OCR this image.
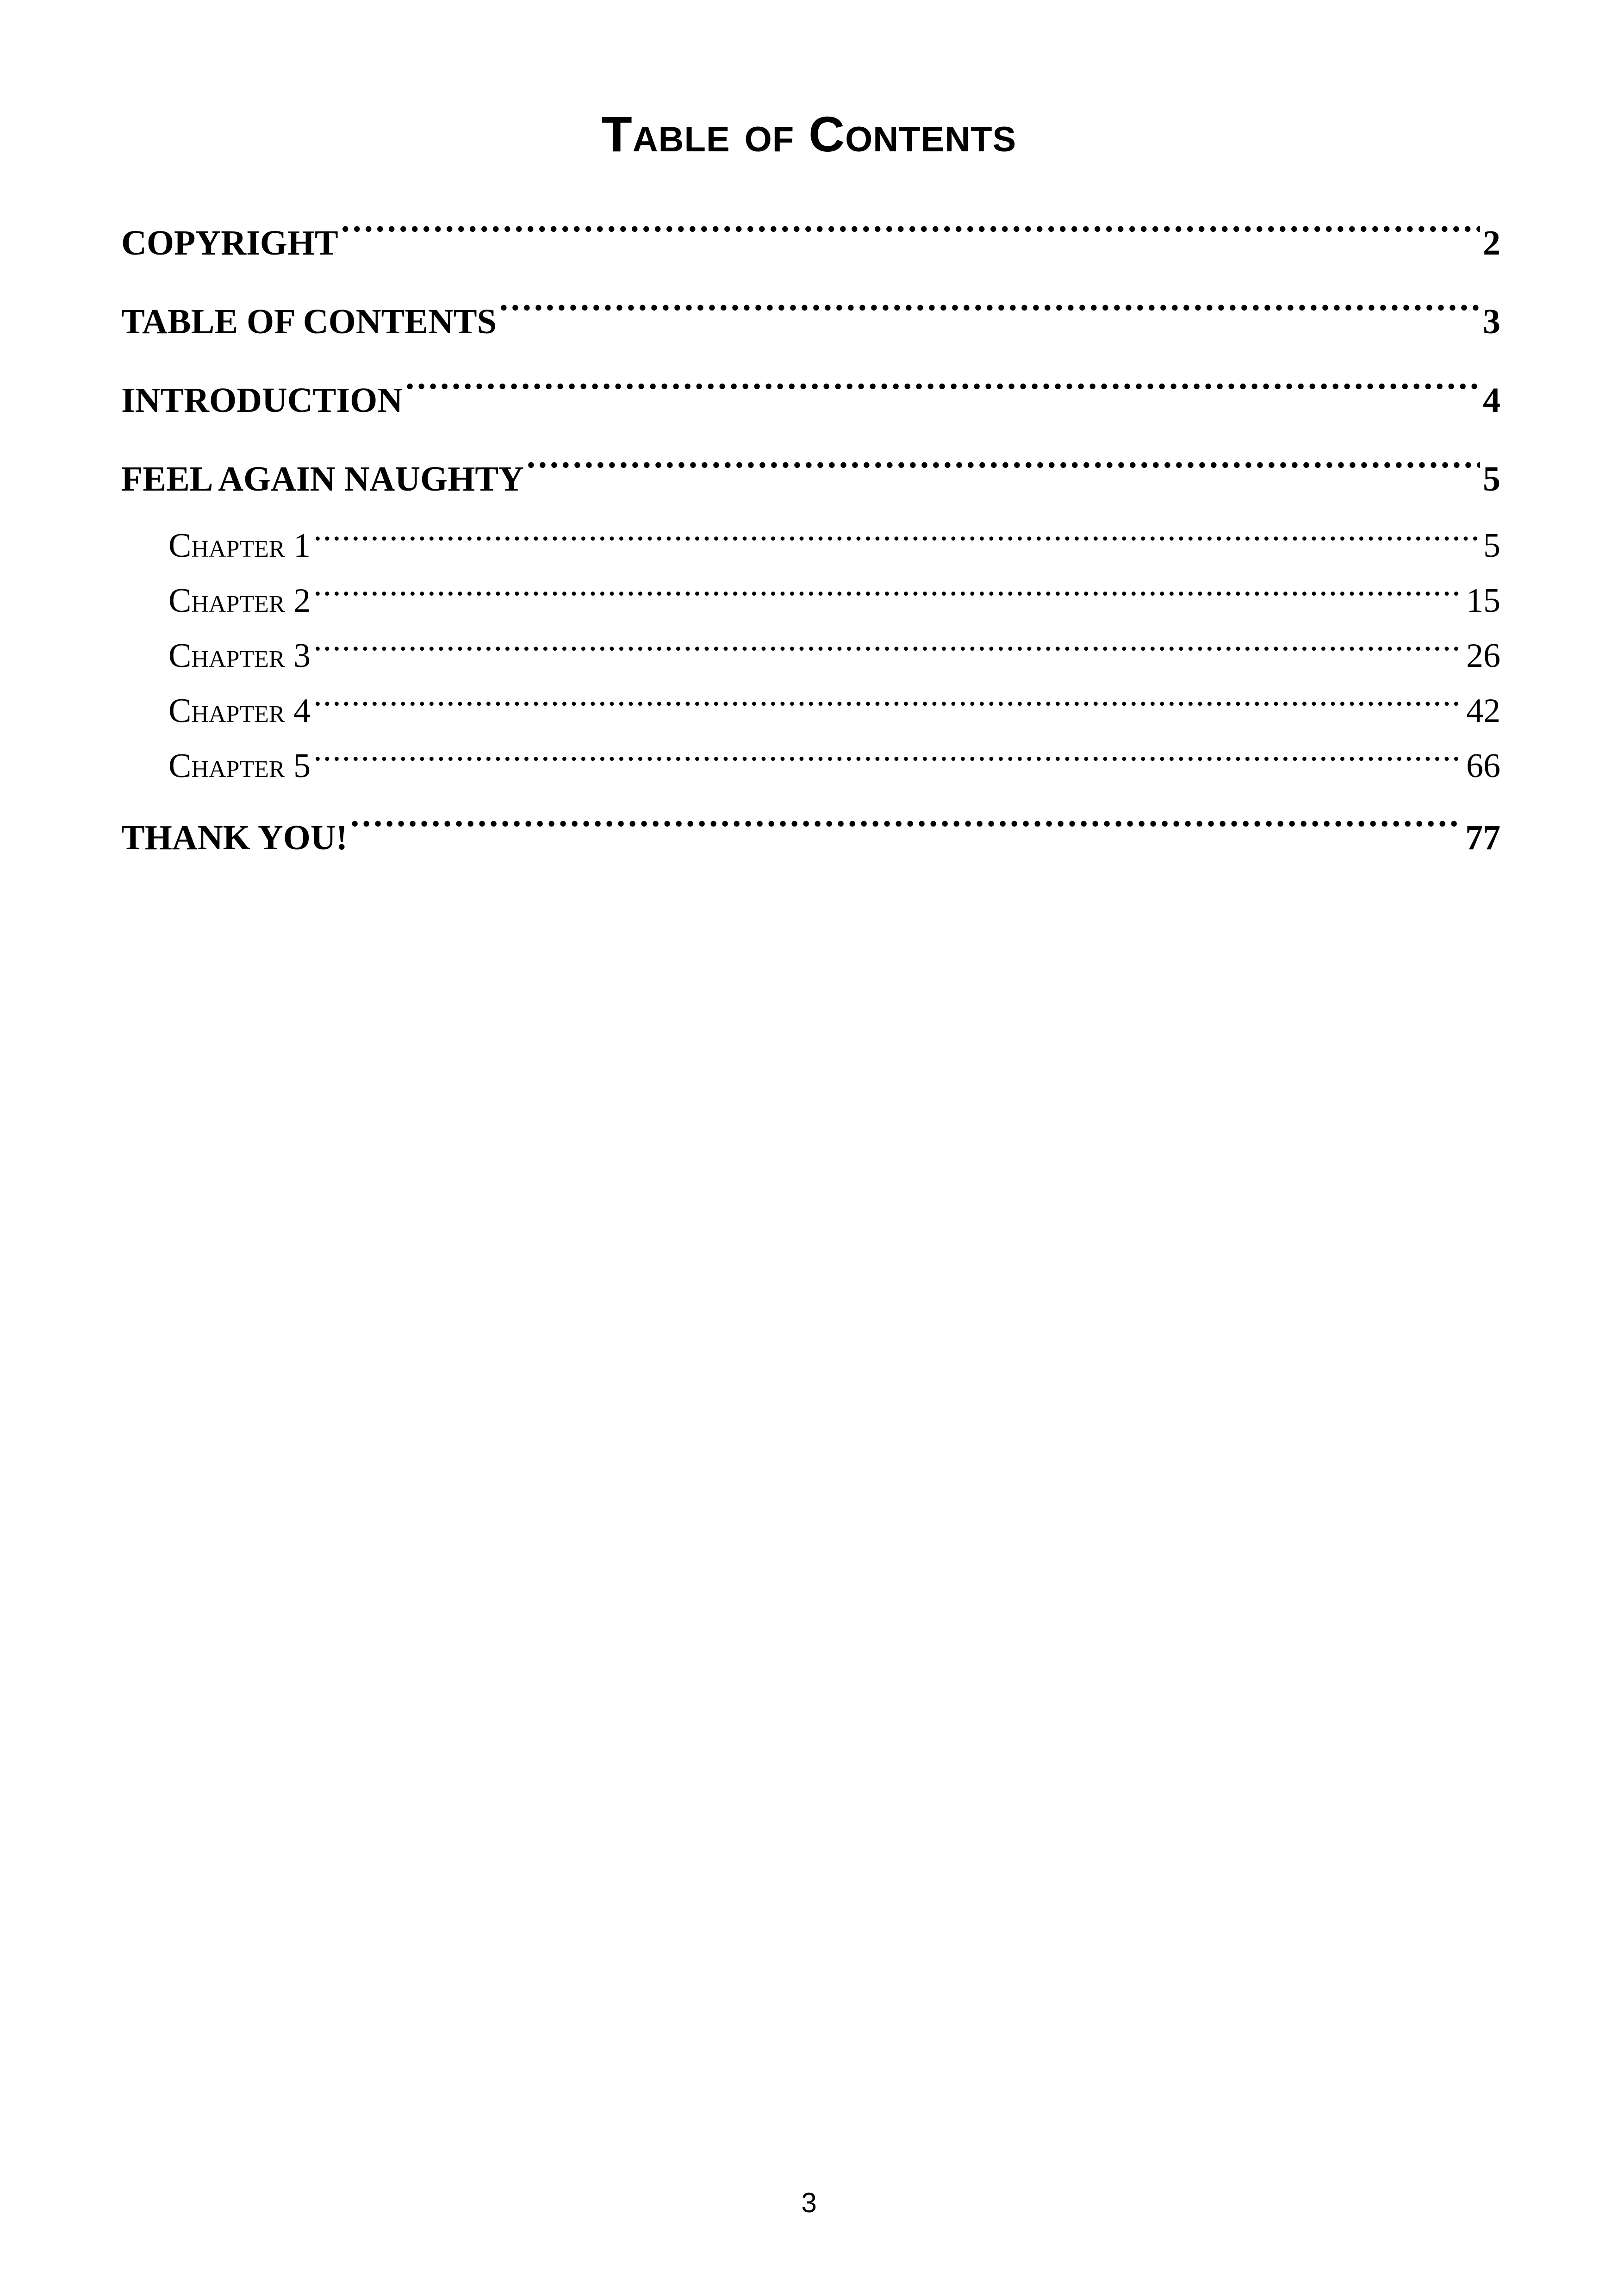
Table of Contents
COPYRIGHT .....	2
TABLE OF CONTENTS .....	3
INTRODUCTION .....	4
FEEL AGAIN NAUGHTY .....	5
Chapter 1 .....	5
Chapter 2 .....	15
Chapter 3 .....	26
Chapter 4 .....	42
Chapter 5 .....	66
THANK YOU! .....	77
3
